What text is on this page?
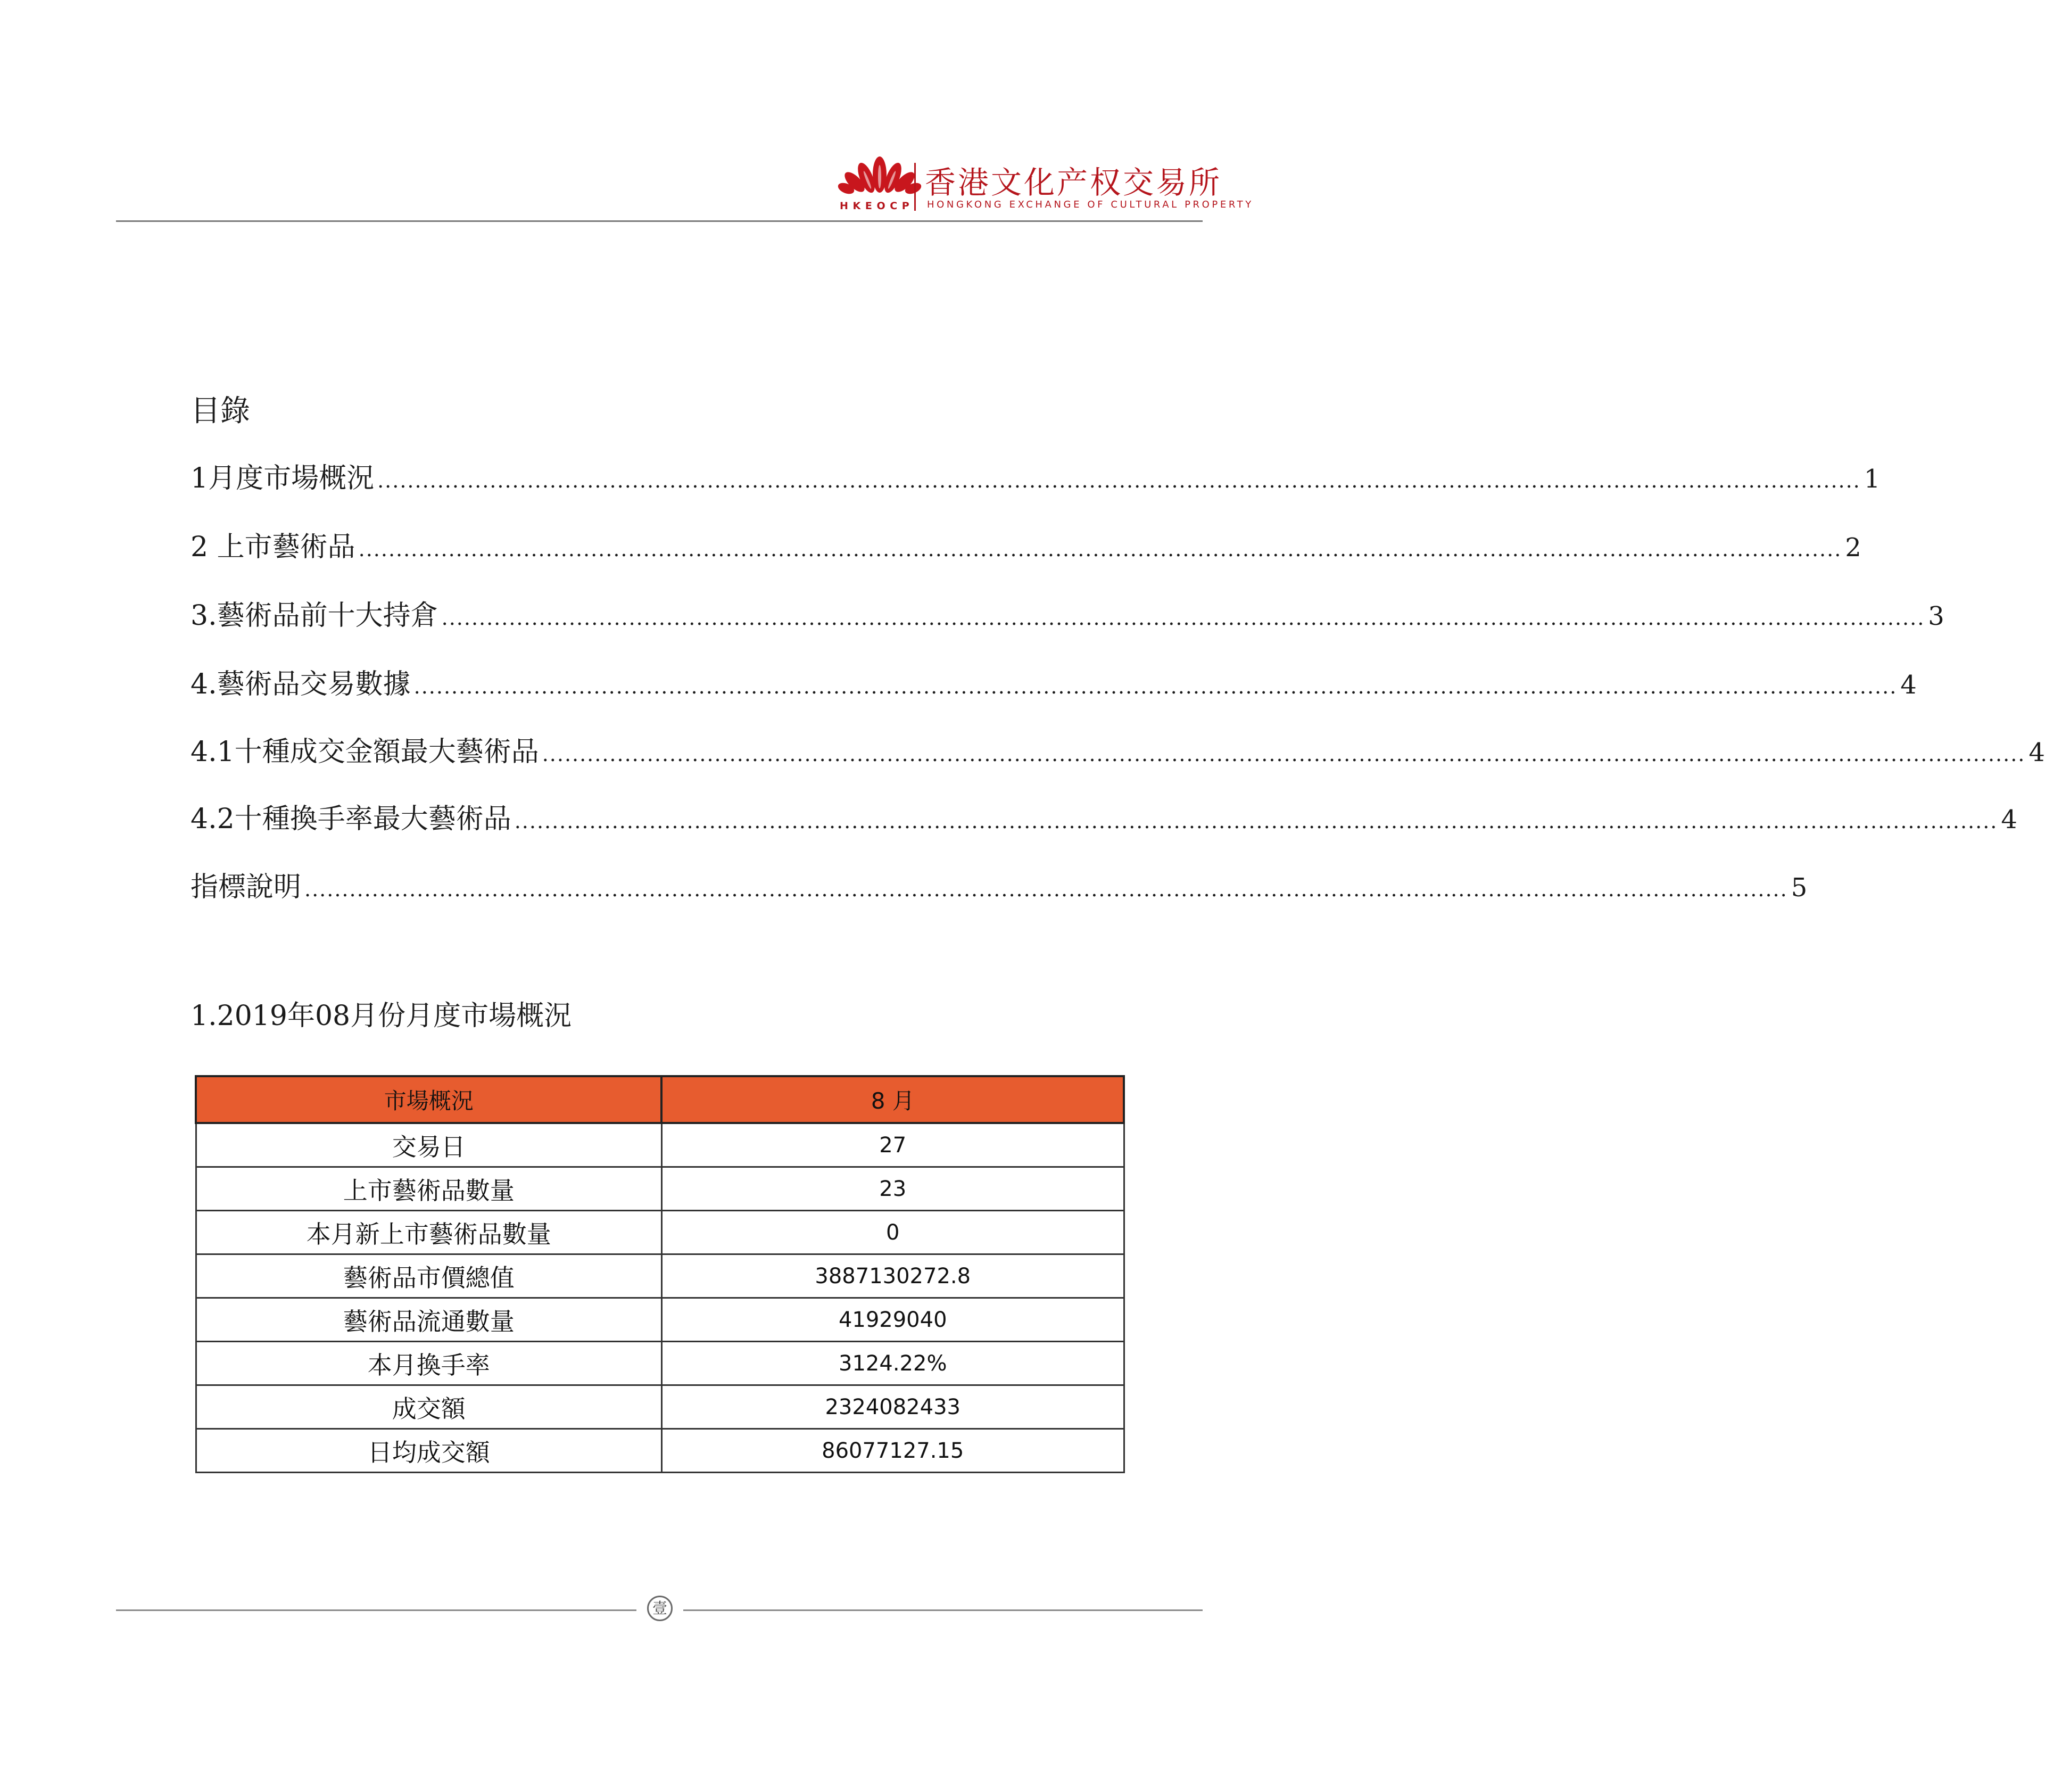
H K E O C P
香港文化产权交易所
HONGKONG EXCHANGE OF CULTURAL PROPERTY
目錄
1月度市場概況 ...................................................................................................................................................................................................... 1
2 上市藝術品 ...................................................................................................................................................................................................... 2
3.藝術品前十大持倉 ...................................................................................................................................................................................................... 3
4.藝術品交易數據 ...................................................................................................................................................................................................... 4
4.1十種成交金額最大藝術品 ...................................................................................................................................................................................................... 4
4.2十種換手率最大藝術品 ...................................................................................................................................................................................................... 4
指標說明 ...................................................................................................................................................................................................... 5
1.2019年08月份月度市場概況
市場概況	8 月
交易日	27
上市藝術品數量	23
本月新上市藝術品數量	0
藝術品市價總值	3887130272.8
藝術品流通數量	41929040
本月換手率	3124.22%
成交額	2324082433
日均成交額	86077127.15
壹
